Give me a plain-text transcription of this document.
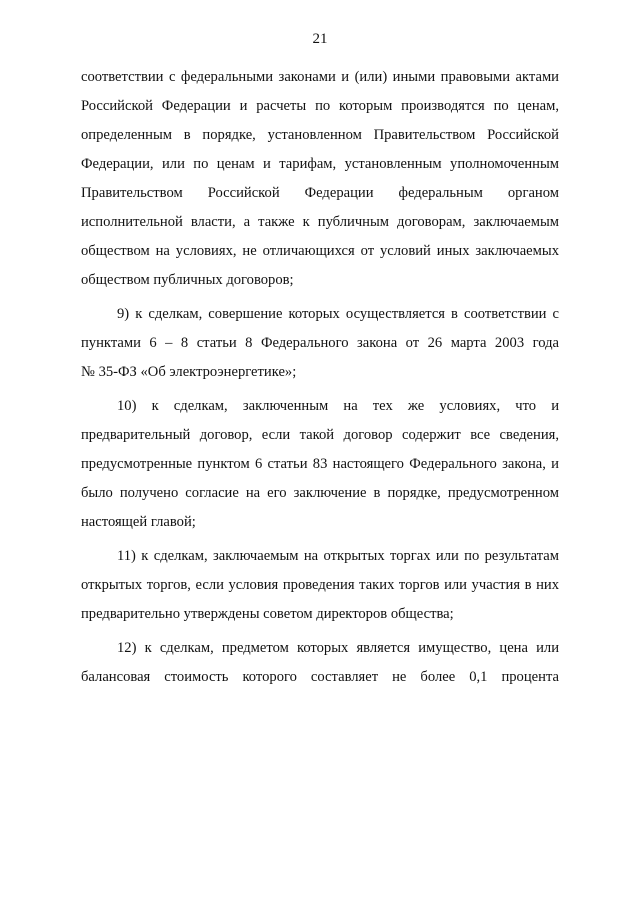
21
соответствии с федеральными законами и (или) иными правовыми актами
Российской Федерации и расчеты по которым производятся по ценам,
определенным в порядке, установленном Правительством Российской
Федерации, или по ценам и тарифам, установленным уполномоченным
Правительством Российской Федерации федеральным органом
исполнительной власти, а также к публичным договорам, заключаемым
обществом на условиях, не отличающихся от условий иных заключаемых
обществом публичных договоров;
9) к сделкам, совершение которых осуществляется в соответствии с
пунктами 6 – 8 статьи 8 Федерального закона от 26 марта 2003 года
№ 35-ФЗ «Об электроэнергетике»;
10) к сделкам, заключенным на тех же условиях, что и
предварительный договор, если такой договор содержит все сведения,
предусмотренные пунктом 6 статьи 83 настоящего Федерального закона, и
было получено согласие на его заключение в порядке, предусмотренном
настоящей главой;
11) к сделкам, заключаемым на открытых торгах или по результатам
открытых торгов, если условия проведения таких торгов или участия в них
предварительно утверждены советом директоров общества;
12) к сделкам, предметом которых является имущество, цена или
балансовая стоимость которого составляет не более 0,1 процента
